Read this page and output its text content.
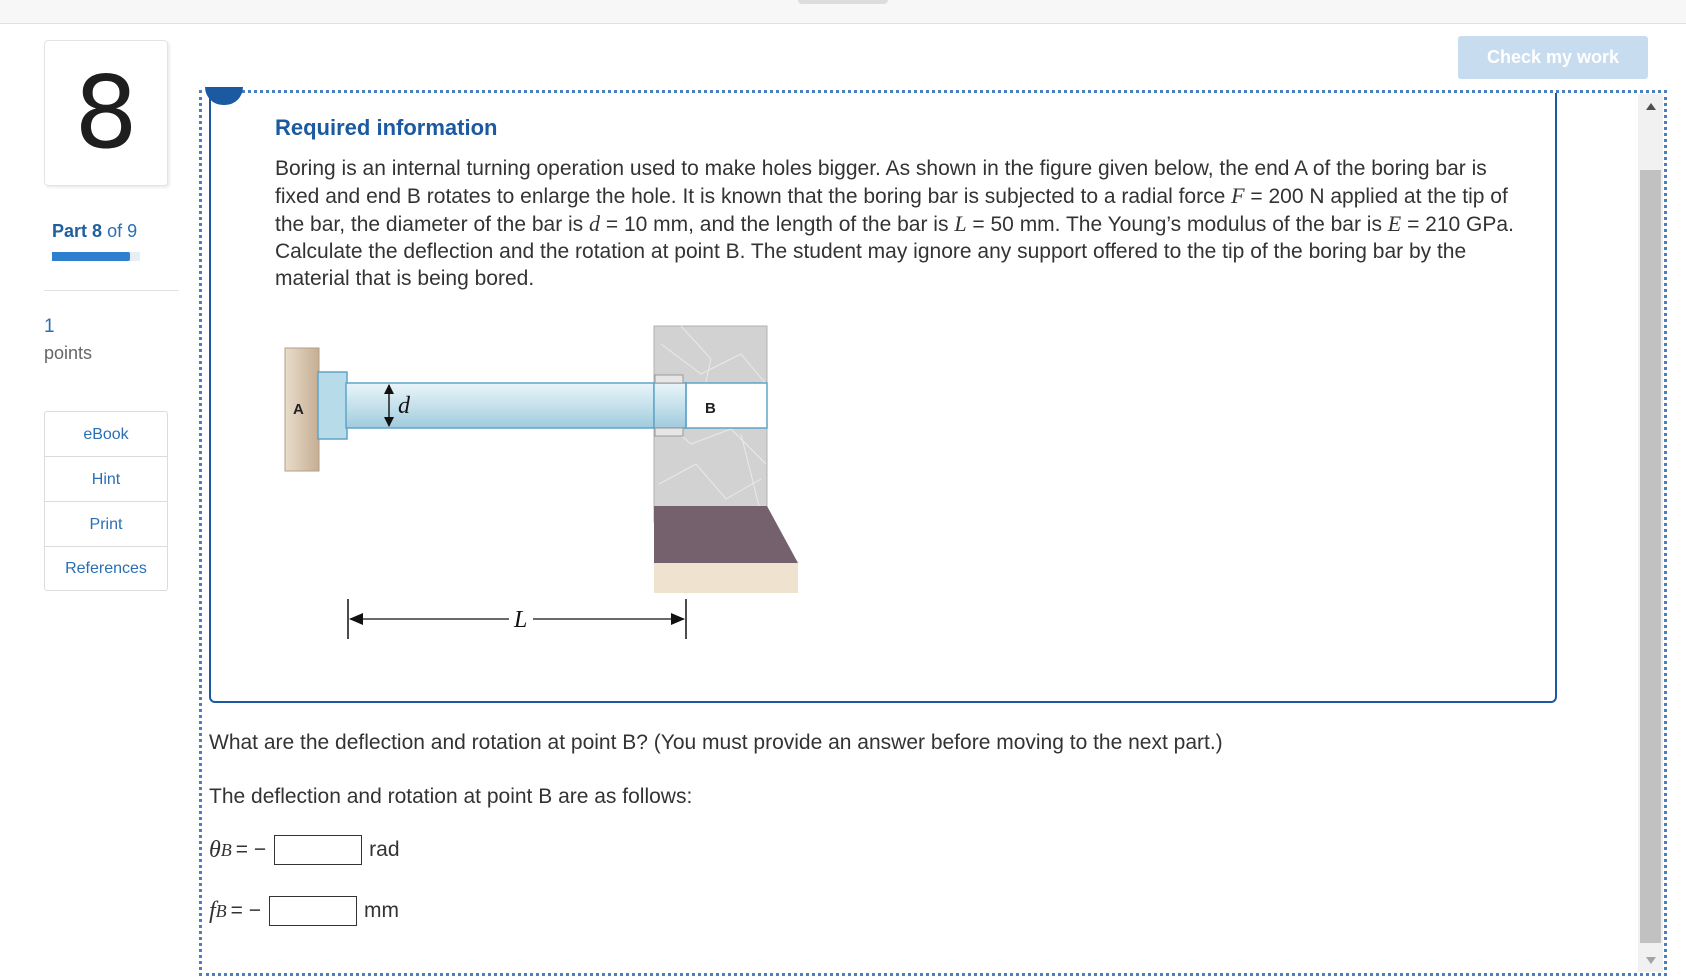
8
Part 8 of 9
1
points
eBook
Hint
Print
References
Check my work
Required information

Boring is an internal turning operation used to make holes bigger. As shown in the figure given below, the end A of the boring bar is fixed and end B rotates to enlarge the hole. It is known that the boring bar is subjected to a radial force F = 200 N applied at the tip of the bar, the diameter of the bar is d = 10 mm, and the length of the bar is L = 50 mm. The Young’s modulus of the bar is E = 210 GPa. Calculate the deflection and the rotation at point B. The student may ignore any support offered to the tip of the boring bar by the material that is being bored.

d
A	B
L
What are the deflection and rotation at point B? (You must provide an answer before moving to the next part.)
The deflection and rotation at point B are as follows:
θ B = −	rad
f B = −	mm
